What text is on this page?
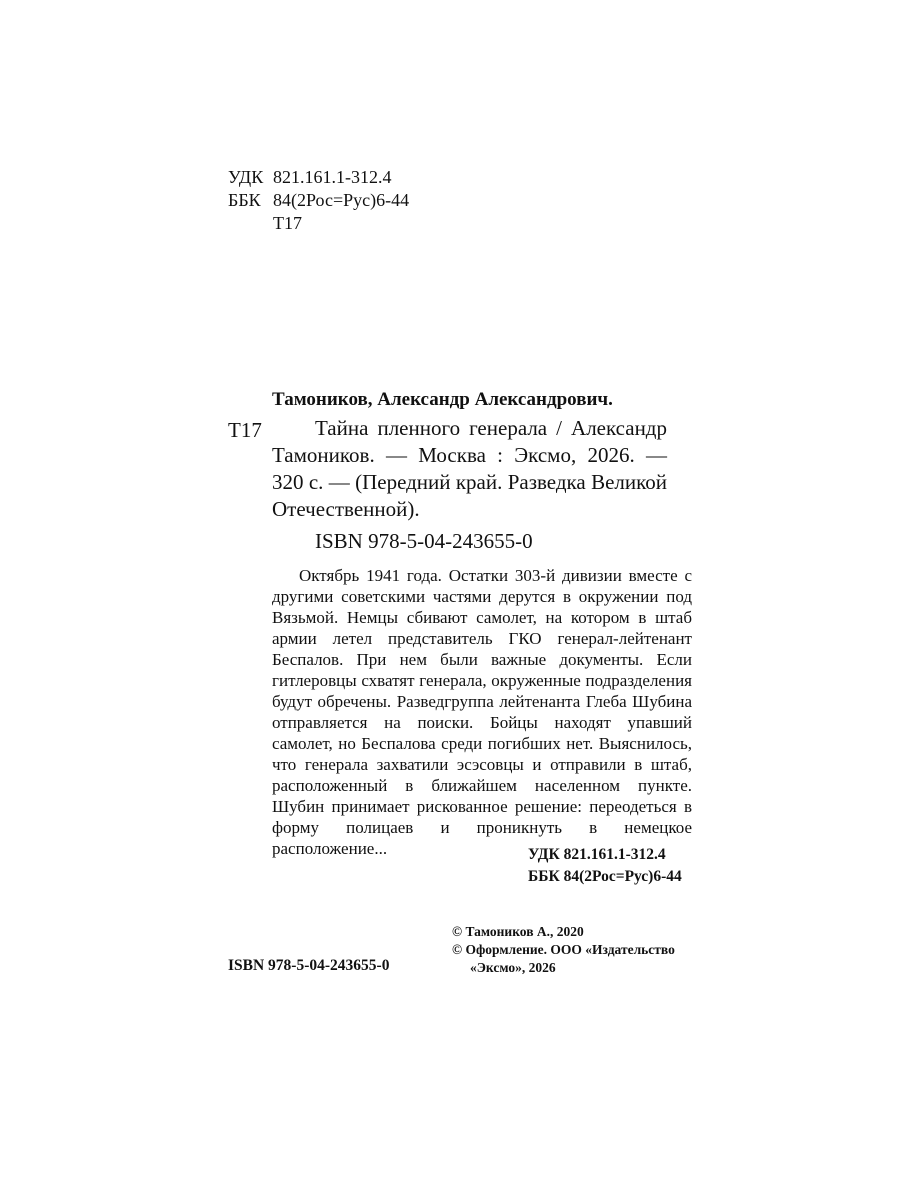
УДК 821.161.1-312.4
ББК 84(2Рос=Рус)6-44
Т17
Тамоников, Александр Александрович.
Т17	Тайна пленного генерала / Александр Тамоников. — Москва : Эксмо, 2026. — 320 с. — (Передний край. Разведка Великой Отечественной).
ISBN 978-5-04-243655-0

Октябрь 1941 года. Остатки 303-й дивизии вместе с другими советскими частями дерутся в окружении под Вязьмой. Немцы сбивают самолет, на котором в штаб армии летел представитель ГКО генерал-лейтенант Беспалов. При нем были важные документы. Если гитлеровцы схватят генерала, окруженные подразделения будут обречены. Разведгруппа лейтенанта Глеба Шубина отправляется на поиски. Бойцы находят упавший самолет, но Беспалова среди погибших нет. Выяснилось, что генерала захватили эсэсовцы и отправили в штаб, расположенный в ближайшем населенном пункте. Шубин принимает рискованное решение: переодеться в форму полицаев и проникнуть в немецкое расположение...	УДК 821.161.1-312.4
ББК 84(2Рос=Рус)6-44
© Тамоников А., 2020
© Оформление. ООО «Издательство
«Эксмо», 2026
ISBN 978-5-04-243655-0
